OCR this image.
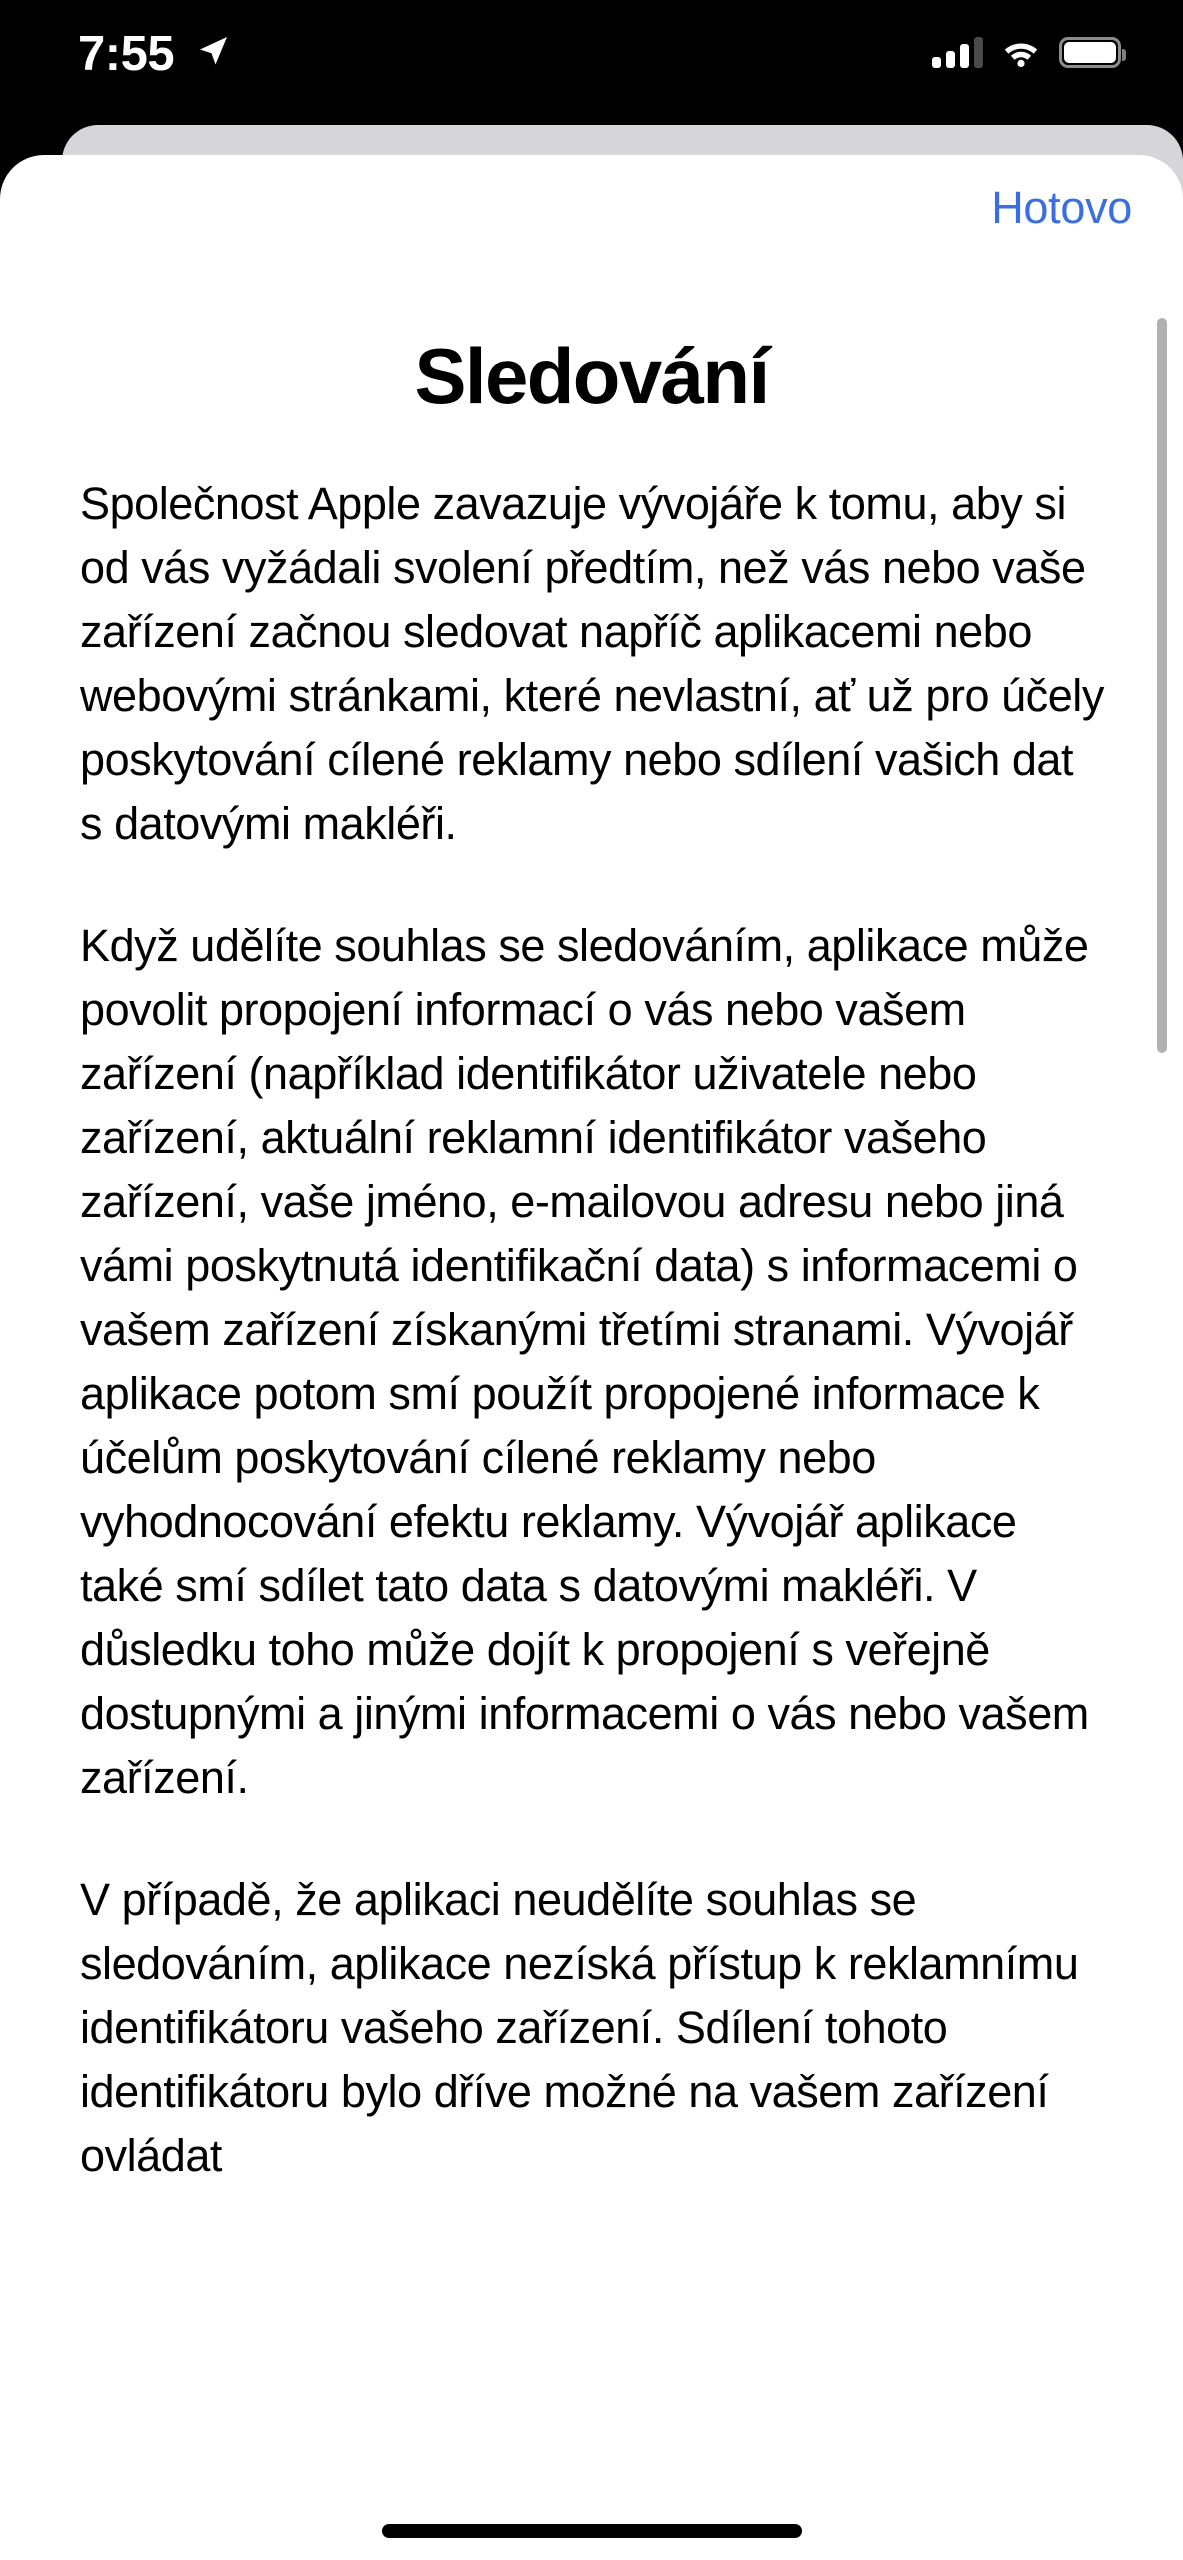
7:55
Hotovo
Sledování

Společnost Apple zavazuje vývojáře k tomu, aby si od vás vyžádali svolení předtím, než vás nebo vaše zařízení začnou sledovat napříč aplikacemi nebo webovými stránkami, které nevlastní, ať už pro účely poskytování cílené reklamy nebo sdílení vašich dat s datovými makléři.

Když udělíte souhlas se sledováním, aplikace může povolit propojení informací o vás nebo vašem zařízení (například identifikátor uživatele nebo zařízení, aktuální reklamní identifikátor vašeho zařízení, vaše jméno, e-mailovou adresu nebo jiná vámi poskytnutá identifikační data) s informacemi o vašem zařízení získanými třetími stranami. Vývojář aplikace potom smí použít propojené informace k účelům poskytování cílené reklamy nebo vyhodnocování efektu reklamy. Vývojář aplikace také smí sdílet tato data s datovými makléři. V důsledku toho může dojít k propojení s veřejně dostupnými a jinými informacemi o vás nebo vašem zařízení.

V případě, že aplikaci neudělíte souhlas se sledováním, aplikace nezíská přístup k reklamnímu identifikátoru vašeho zařízení. Sdílení tohoto identifikátoru bylo dříve možné na vašem zařízení ovládat
